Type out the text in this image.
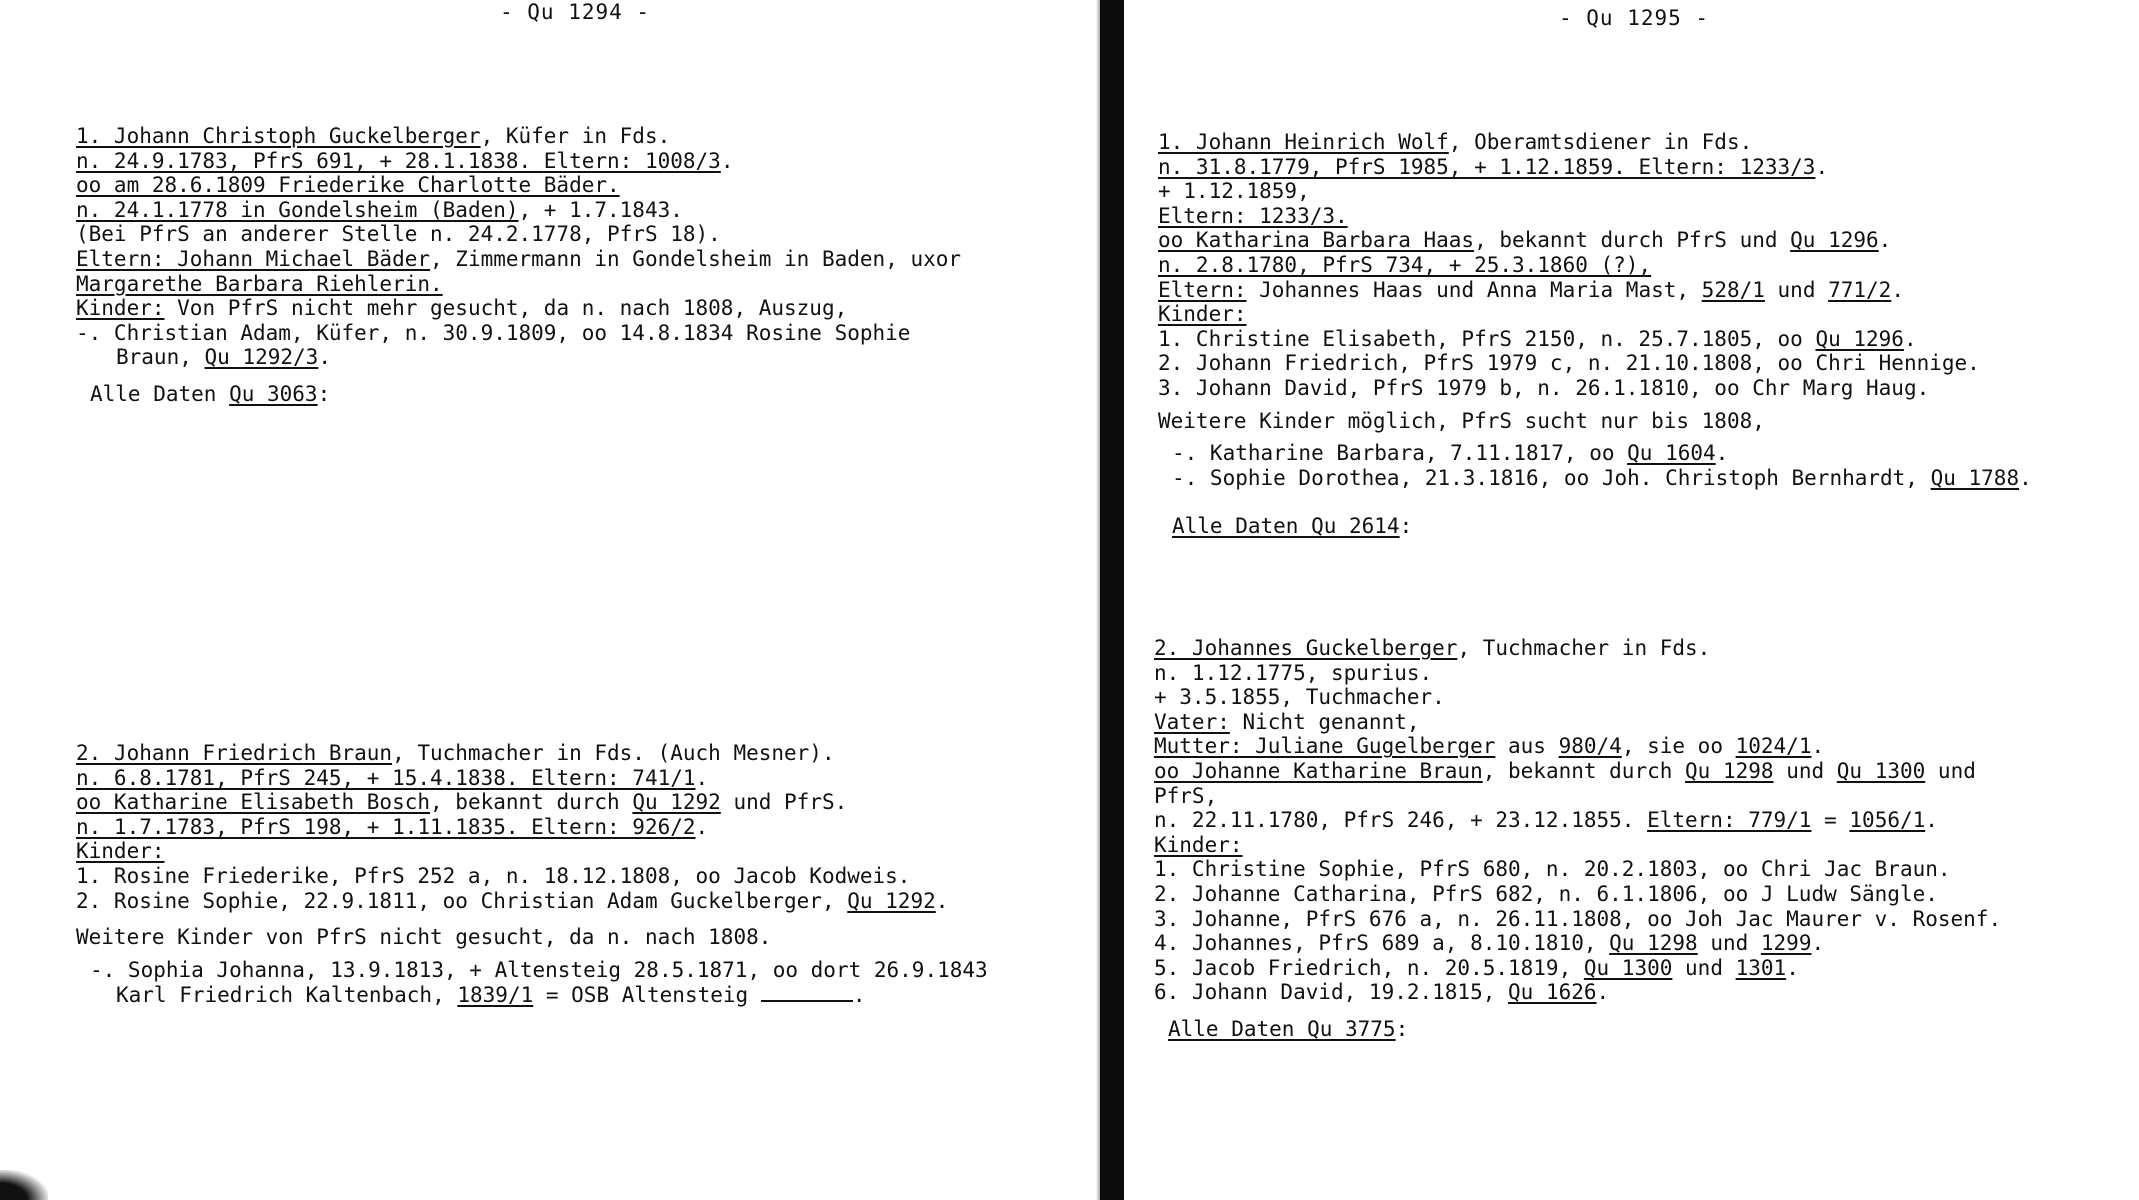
- Qu 1294 -
1. Johann Christoph Guckelberger, Küfer in Fds.
n. 24.9.1783, PfrS 691, + 28.1.1838. Eltern: 1008/3.
oo am 28.6.1809 Friederike Charlotte Bäder.
n. 24.1.1778 in Gondelsheim (Baden), + 1.7.1843.
(Bei PfrS an anderer Stelle n. 24.2.1778, PfrS 18).
Eltern: Johann Michael Bäder, Zimmermann in Gondelsheim in Baden, uxor
Margarethe Barbara Riehlerin.
Kinder: Von PfrS nicht mehr gesucht, da n. nach 1808, Auszug,
-. Christian Adam, Küfer, n. 30.9.1809, oo 14.8.1834 Rosine Sophie
Braun, Qu 1292/3.
Alle Daten Qu 3063:
2. Johann Friedrich Braun, Tuchmacher in Fds. (Auch Mesner).
n. 6.8.1781, PfrS 245, + 15.4.1838. Eltern: 741/1.
oo Katharine Elisabeth Bosch, bekannt durch Qu 1292 und PfrS.
n. 1.7.1783, PfrS 198, + 1.11.1835. Eltern: 926/2.
Kinder:
1. Rosine Friederike, PfrS 252 a, n. 18.12.1808, oo Jacob Kodweis.
2. Rosine Sophie, 22.9.1811, oo Christian Adam Guckelberger, Qu 1292.
Weitere Kinder von PfrS nicht gesucht, da n. nach 1808.
-. Sophia Johanna, 13.9.1813, + Altensteig 28.5.1871, oo dort 26.9.1843
Karl Friedrich Kaltenbach, 1839/1 = OSB Altensteig	.
- Qu 1295 -
1. Johann Heinrich Wolf, Oberamtsdiener in Fds.
n. 31.8.1779, PfrS 1985, + 1.12.1859. Eltern: 1233/3.
+ 1.12.1859,
Eltern: 1233/3.
oo Katharina Barbara Haas, bekannt durch PfrS und Qu 1296.
n. 2.8.1780, PfrS 734, + 25.3.1860 (?),
Eltern: Johannes Haas und Anna Maria Mast, 528/1 und 771/2.
Kinder:
1. Christine Elisabeth, PfrS 2150, n. 25.7.1805, oo Qu 1296.
2. Johann Friedrich, PfrS 1979 c, n. 21.10.1808, oo Chri Hennige.
3. Johann David, PfrS 1979 b, n. 26.1.1810, oo Chr Marg Haug.
Weitere Kinder möglich, PfrS sucht nur bis 1808,
-. Katharine Barbara, 7.11.1817, oo Qu 1604.
-. Sophie Dorothea, 21.3.1816, oo Joh. Christoph Bernhardt, Qu 1788.
Alle Daten Qu 2614:
2. Johannes Guckelberger, Tuchmacher in Fds.
n. 1.12.1775, spurius.
+ 3.5.1855, Tuchmacher.
Vater: Nicht genannt,
Mutter: Juliane Gugelberger aus 980/4, sie oo 1024/1.
oo Johanne Katharine Braun, bekannt durch Qu 1298 und Qu 1300 und
PfrS,
n. 22.11.1780, PfrS 246, + 23.12.1855. Eltern: 779/1 = 1056/1.
Kinder:
1. Christine Sophie, PfrS 680, n. 20.2.1803, oo Chri Jac Braun.
2. Johanne Catharina, PfrS 682, n. 6.1.1806, oo J Ludw Sängle.
3. Johanne, PfrS 676 a, n. 26.11.1808, oo Joh Jac Maurer v. Rosenf.
4. Johannes, PfrS 689 a, 8.10.1810, Qu 1298 und 1299.
5. Jacob Friedrich, n. 20.5.1819, Qu 1300 und 1301.
6. Johann David, 19.2.1815, Qu 1626.
Alle Daten Qu 3775:
